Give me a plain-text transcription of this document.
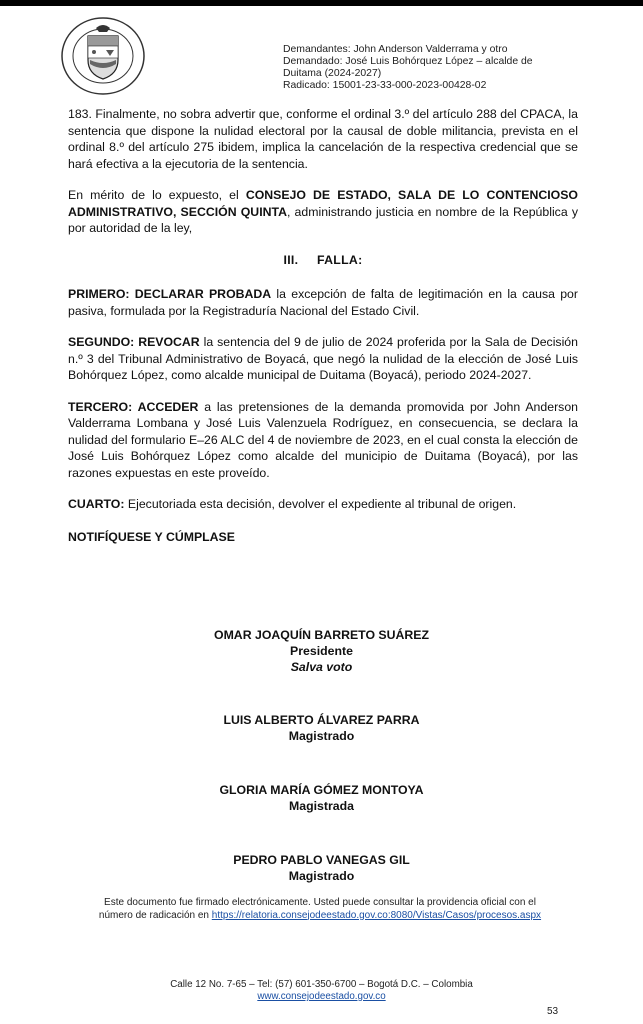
Demandantes: John Anderson Valderrama y otro
Demandado: José Luis Bohórquez López – alcalde de
Duitama (2024-2027)
Radicado: 15001-23-33-000-2023-00428-02

183. Finalmente, no sobra advertir que, conforme el ordinal 3.º del artículo 288 del CPACA, la sentencia que dispone la nulidad electoral por la causal de doble militancia, prevista en el ordinal 8.º del artículo 275 ibidem, implica la cancelación de la respectiva credencial que se hará efectiva a la ejecutoria de la sentencia.

En mérito de lo expuesto, el CONSEJO DE ESTADO, SALA DE LO CONTENCIOSO ADMINISTRATIVO, SECCIÓN QUINTA, administrando justicia en nombre de la República y por autoridad de la ley,

III. FALLA:

PRIMERO: DECLARAR PROBADA la excepción de falta de legitimación en la causa por pasiva, formulada por la Registraduría Nacional del Estado Civil.

SEGUNDO: REVOCAR la sentencia del 9 de julio de 2024 proferida por la Sala de Decisión n.º 3 del Tribunal Administrativo de Boyacá, que negó la nulidad de la elección de José Luis Bohórquez López, como alcalde municipal de Duitama (Boyacá), periodo 2024-2027.

TERCERO: ACCEDER a las pretensiones de la demanda promovida por John Anderson Valderrama Lombana y José Luis Valenzuela Rodríguez, en consecuencia, se declara la nulidad del formulario E–26 ALC del 4 de noviembre de 2023, en el cual consta la elección de José Luis Bohórquez López como alcalde del municipio de Duitama (Boyacá), por las razones expuestas en este proveído.

CUARTO: Ejecutoriada esta decisión, devolver el expediente al tribunal de origen.

NOTIFÍQUESE Y CÚMPLASE

OMAR JOAQUÍN BARRETO SUÁREZ
Presidente
Salva voto
LUIS ALBERTO ÁLVAREZ PARRA
Magistrado
GLORIA MARÍA GÓMEZ MONTOYA
Magistrada
PEDRO PABLO VANEGAS GIL
Magistrado
Este documento fue firmado electrónicamente. Usted puede consultar la providencia oficial con el
número de radicación en https://relatoria.consejodeestado.gov.co:8080/Vistas/Casos/procesos.aspx
Calle 12 No. 7-65 – Tel: (57) 601-350-6700 – Bogotá D.C. – Colombia
www.consejodeestado.gov.co
53
